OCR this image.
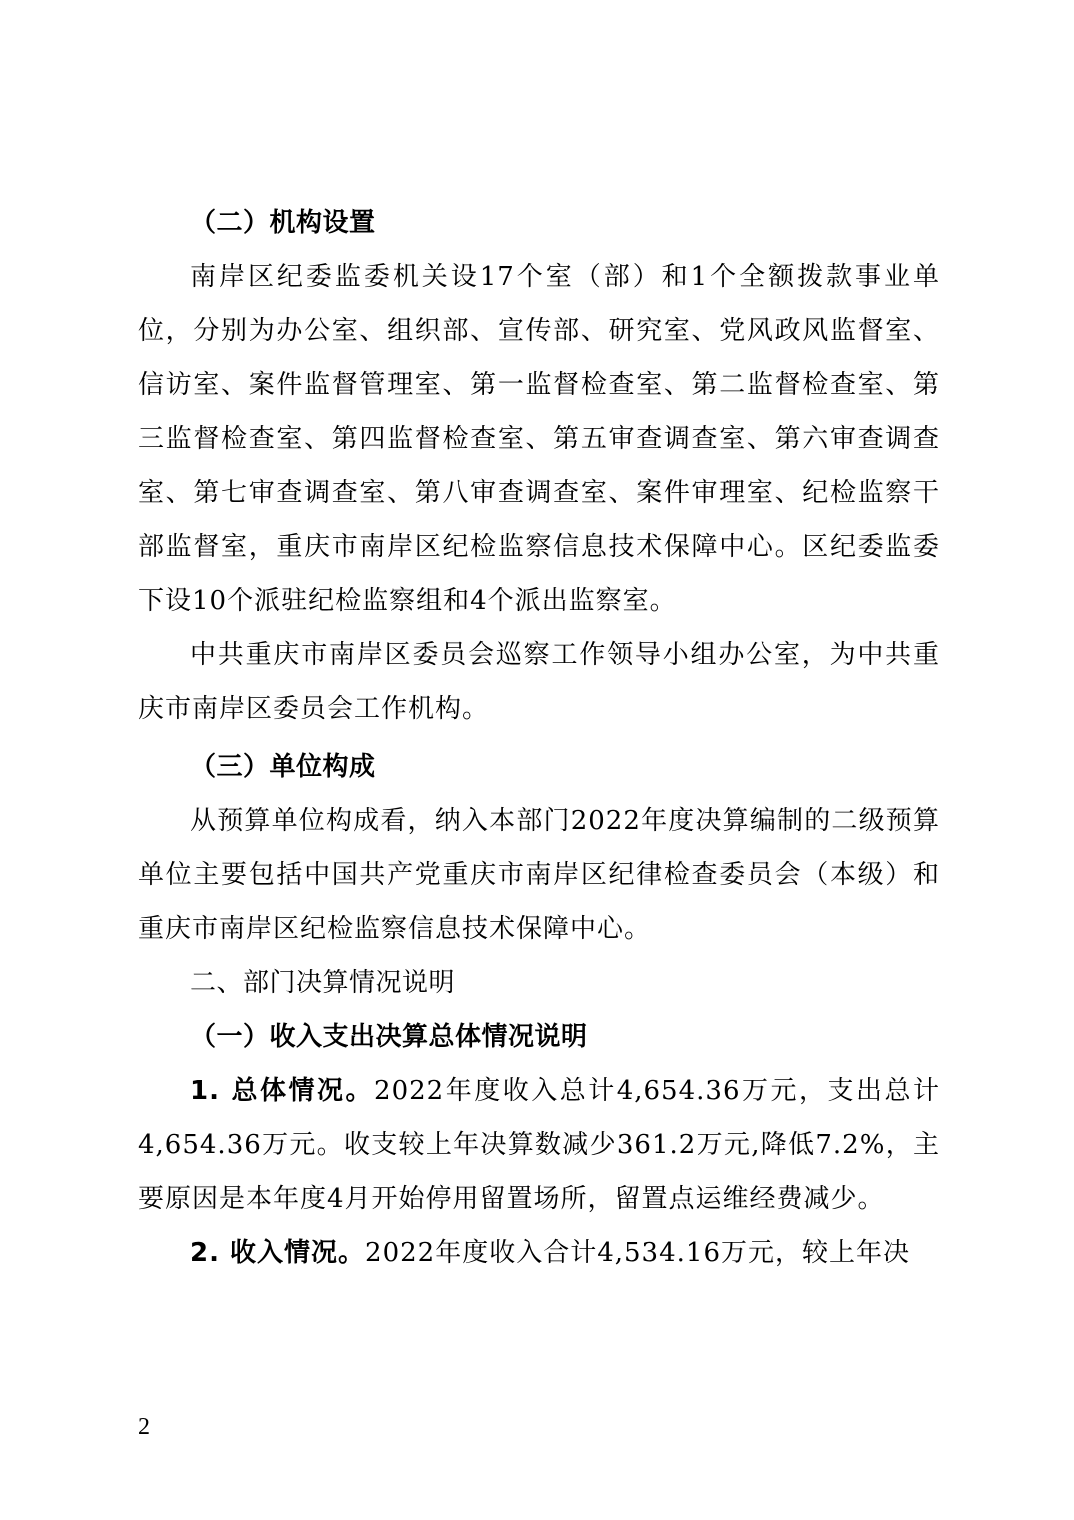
（二）机构设置

南岸区纪委监委机关设17个室（部）和1个全额拨款事业单位，分别为办公室、组织部、宣传部、研究室、党风政风监督室、信访室、案件监督管理室、第一监督检查室、第二监督检查室、第三监督检查室、第四监督检查室、第五审查调查室、第六审查调查室、第七审查调查室、第八审查调查室、案件审理室、纪检监察干部监督室，重庆市南岸区纪检监察信息技术保障中心。区纪委监委下设10个派驻纪检监察组和4个派出监察室。

中共重庆市南岸区委员会巡察工作领导小组办公室，为中共重庆市南岸区委员会工作机构。

（三）单位构成

从预算单位构成看，纳入本部门2022年度决算编制的二级预算单位主要包括中国共产党重庆市南岸区纪律检查委员会（本级）和重庆市南岸区纪检监察信息技术保障中心。

二、部门决算情况说明

（一）收入支出决算总体情况说明

1. 总体情况。2022年度收入总计4,654.36万元，支出总计4,654.36万元。收支较上年决算数减少361.2万元,降低7.2%，主要原因是本年度4月开始停用留置场所，留置点运维经费减少。

2. 收入情况。2022年度收入合计4,534.16万元，较上年决

2
